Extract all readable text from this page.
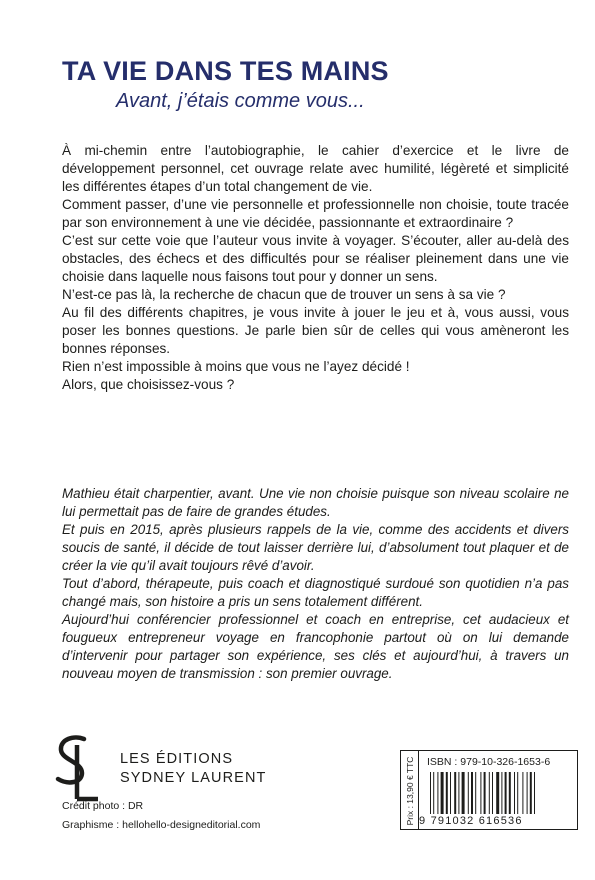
TA VIE DANS TES MAINS
Avant, j’étais comme vous...

À mi-chemin entre l’autobiographie, le cahier d’exercice et le livre de développement personnel, cet ouvrage relate avec humilité, légèreté et simplicité les différentes étapes d’un total changement de vie.

Comment passer, d’une vie personnelle et professionnelle non choisie, toute tracée par son environnement à une vie décidée, passionnante et extraordinaire ?

C’est sur cette voie que l’auteur vous invite à voyager. S’écouter, aller au-delà des obstacles, des échecs et des difficultés pour se réaliser pleinement dans une vie choisie dans laquelle nous faisons tout pour y donner un sens.

N’est-ce pas là, la recherche de chacun que de trouver un sens à sa vie ?

Au fil des différents chapitres, je vous invite à jouer le jeu et à, vous aussi, vous poser les bonnes questions. Je parle bien sûr de celles qui vous amèneront les bonnes réponses.

Rien n’est impossible à moins que vous ne l’ayez décidé !

Alors, que choisissez-vous ?

Mathieu était charpentier, avant. Une vie non choisie puisque son niveau scolaire ne lui permettait pas de faire de grandes études.

Et puis en 2015, après plusieurs rappels de la vie, comme des accidents et divers soucis de santé, il décide de tout laisser derrière lui, d’absolument tout plaquer et de créer la vie qu’il avait toujours rêvé d’avoir.

Tout d’abord, thérapeute, puis coach et diagnostiqué surdoué son quotidien n’a pas changé mais, son histoire a pris un sens totalement différent.

Aujourd’hui conférencier professionnel et coach en entreprise, cet audacieux et fougueux entrepreneur voyage en francophonie partout où on lui demande d’intervenir pour partager son expérience, ses clés et aujourd’hui, à travers un nouveau moyen de transmission : son premier ouvrage.

LES ÉDITIONS
SYDNEY LAURENT
Crédit photo : DR
Graphisme : hellohello-designeditorial.com	Prix : 13,90 € TTC ISBN : 979-10-326-1653-6
9 791032 616536
